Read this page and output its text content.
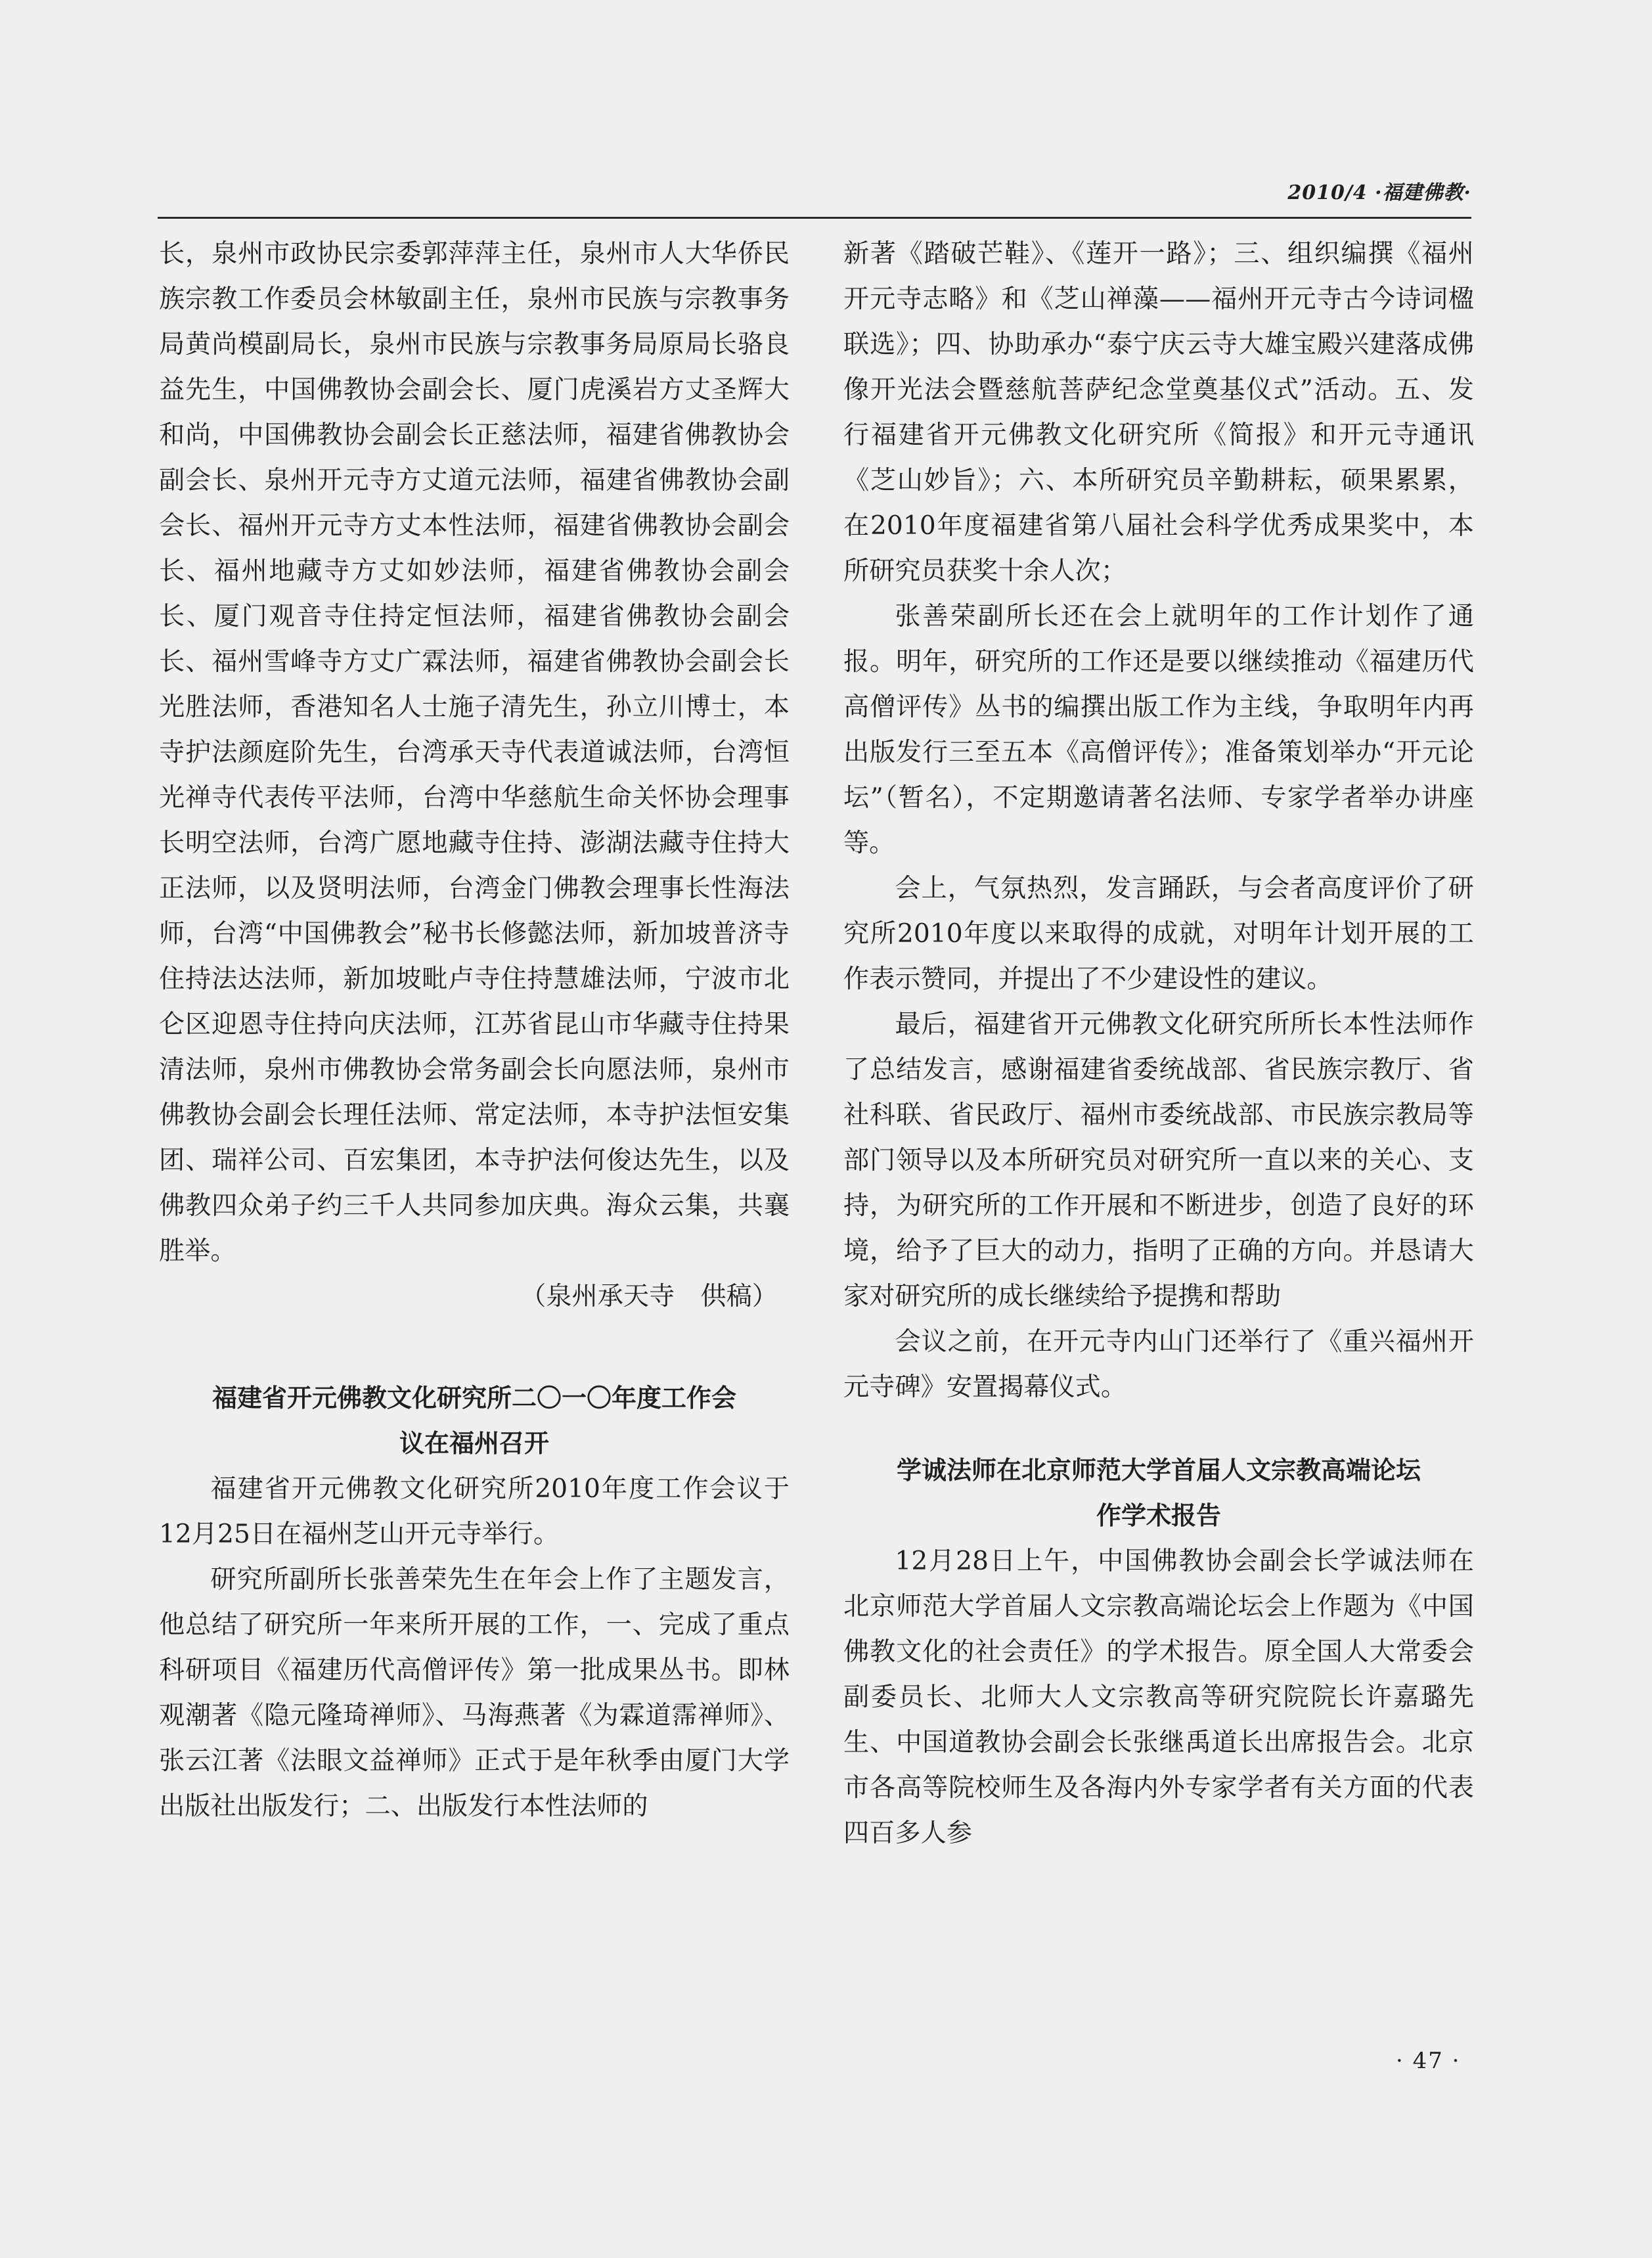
2010/4 ·福建佛教·

长，泉州市政协民宗委郭萍萍主任，泉州市人大华侨民族宗教工作委员会林敏副主任，泉州市民族与宗教事务局黄尚模副局长，泉州市民族与宗教事务局原局长骆良益先生，中国佛教协会副会长、厦门虎溪岩方丈圣辉大和尚，中国佛教协会副会长正慈法师，福建省佛教协会副会长、泉州开元寺方丈道元法师，福建省佛教协会副会长、福州开元寺方丈本性法师，福建省佛教协会副会长、福州地藏寺方丈如妙法师，福建省佛教协会副会长、厦门观音寺住持定恒法师，福建省佛教协会副会长、福州雪峰寺方丈广霖法师，福建省佛教协会副会长光胜法师，香港知名人士施子清先生，孙立川博士，本寺护法颜庭阶先生，台湾承天寺代表道诚法师，台湾恒光禅寺代表传平法师，台湾中华慈航生命关怀协会理事长明空法师，台湾广愿地藏寺住持、澎湖法藏寺住持大正法师，以及贤明法师，台湾金门佛教会理事长性海法师，台湾“中国佛教会”秘书长修懿法师，新加坡普济寺住持法达法师，新加坡毗卢寺住持慧雄法师，宁波市北仑区迎恩寺住持向庆法师，江苏省昆山市华藏寺住持果清法师，泉州市佛教协会常务副会长向愿法师，泉州市佛教协会副会长理任法师、常定法师，本寺护法恒安集团、瑞祥公司、百宏集团，本寺护法何俊达先生，以及佛教四众弟子约三千人共同参加庆典。海众云集，共襄胜举。

（泉州承天寺　供稿）

福建省开元佛教文化研究所二〇一〇年度工作会
议在福州召开

福建省开元佛教文化研究所2010年度工作会议于12月25日在福州芝山开元寺举行。

研究所副所长张善荣先生在年会上作了主题发言，他总结了研究所一年来所开展的工作，一、完成了重点科研项目《福建历代高僧评传》第一批成果丛书。即林观潮著《隐元隆琦禅师》、马海燕著《为霖道霈禅师》、张云江著《法眼文益禅师》正式于是年秋季由厦门大学出版社出版发行；二、出版发行本性法师的

新著《踏破芒鞋》、《莲开一路》；三、组织编撰《福州开元寺志略》和《芝山禅藻——福州开元寺古今诗词楹联选》；四、协助承办“泰宁庆云寺大雄宝殿兴建落成佛像开光法会暨慈航菩萨纪念堂奠基仪式”活动。五、发行福建省开元佛教文化研究所《简报》和开元寺通讯《芝山妙旨》；六、本所研究员辛勤耕耘，硕果累累，在2010年度福建省第八届社会科学优秀成果奖中，本所研究员获奖十余人次；

张善荣副所长还在会上就明年的工作计划作了通报。明年，研究所的工作还是要以继续推动《福建历代高僧评传》丛书的编撰出版工作为主线，争取明年内再出版发行三至五本《高僧评传》；准备策划举办“开元论坛”（暂名），不定期邀请著名法师、专家学者举办讲座等。

会上，气氛热烈，发言踊跃，与会者高度评价了研究所2010年度以来取得的成就，对明年计划开展的工作表示赞同，并提出了不少建设性的建议。

最后，福建省开元佛教文化研究所所长本性法师作了总结发言，感谢福建省委统战部、省民族宗教厅、省社科联、省民政厅、福州市委统战部、市民族宗教局等部门领导以及本所研究员对研究所一直以来的关心、支持，为研究所的工作开展和不断进步，创造了良好的环境，给予了巨大的动力，指明了正确的方向。并恳请大家对研究所的成长继续给予提携和帮助

会议之前，在开元寺内山门还举行了《重兴福州开元寺碑》安置揭幕仪式。

学诚法师在北京师范大学首届人文宗教高端论坛
作学术报告

12月28日上午，中国佛教协会副会长学诚法师在北京师范大学首届人文宗教高端论坛会上作题为《中国佛教文化的社会责任》的学术报告。原全国人大常委会副委员长、北师大人文宗教高等研究院院长许嘉璐先生、中国道教协会副会长张继禹道长出席报告会。北京市各高等院校师生及各海内外专家学者有关方面的代表四百多人参

· 47 ·
